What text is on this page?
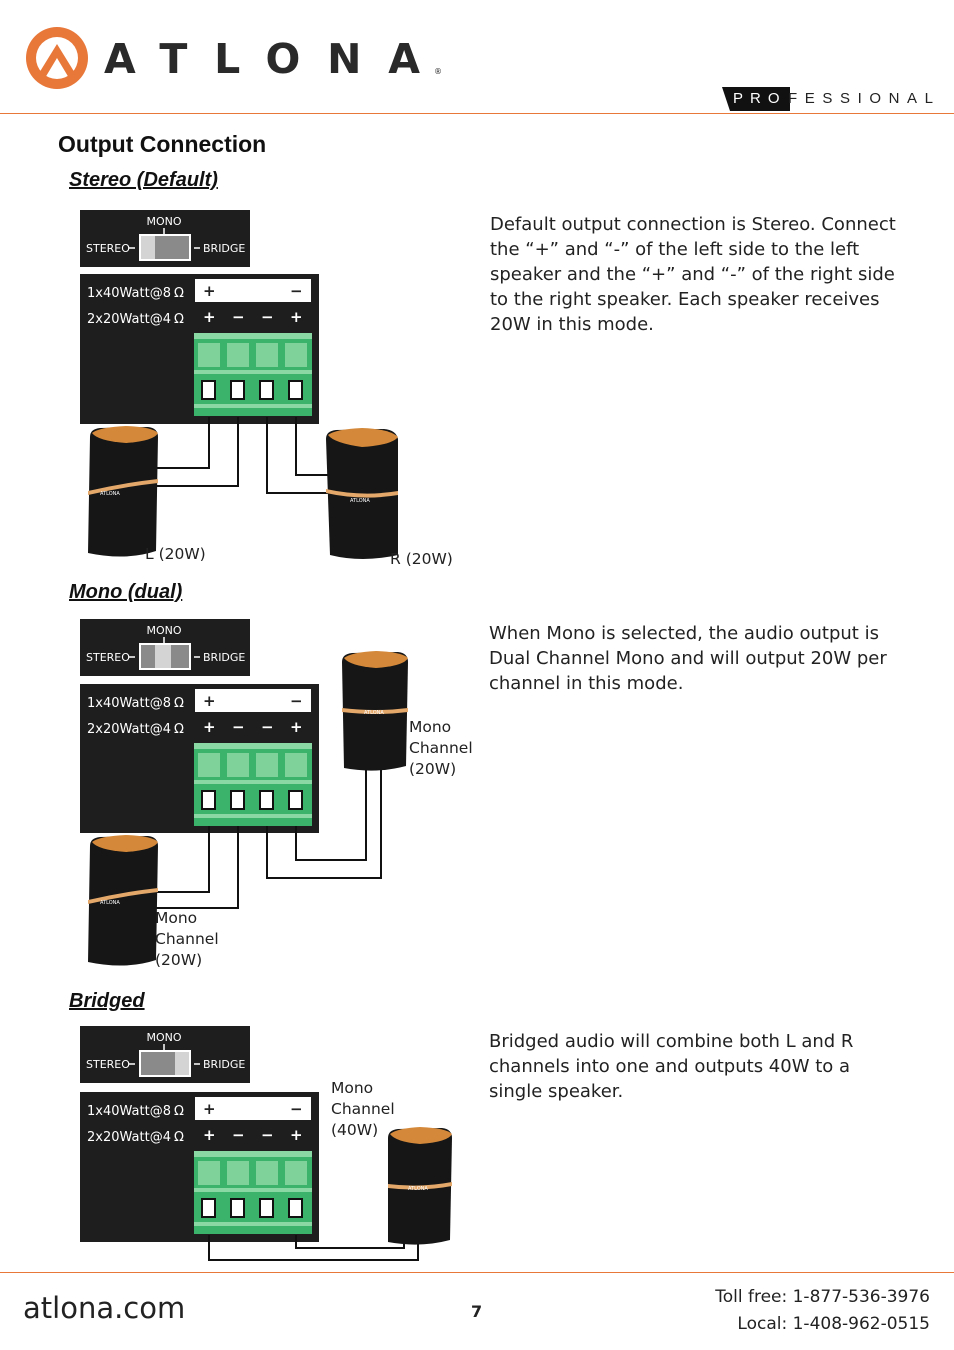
ATLONA ®
PRO FESSIONAL
Output Connection
Stereo (Default)
Default output connection is Stereo. Connect the “+” and “-” of the left side to the left speaker and the “+” and “-” of the right side to the right speaker. Each speaker receives 20W in this mode.
MONO
STEREO	BRIDGE
1x40Watt@8 Ω
2x20Watt@4 Ω
+	−
+ − − +
ATLONA
ATLONA
L (20W)	R (20W)
Mono (dual)
When Mono is selected, the audio output is Dual Channel Mono and will output 20W per channel in this mode.
MONO
STEREO	BRIDGE
1x40Watt@8 Ω
2x20Watt@4 Ω
+	−
+ − − +
ATLONA
ATLONA
Mono
Channel
(20W)
Mono
Channel
(20W)
Bridged
Bridged audio will combine both L and R channels into one and outputs 40W to a single speaker.
MONO
STEREO	BRIDGE
1x40Watt@8 Ω
2x20Watt@4 Ω
+	−
+ − − +
ATLONA
Mono
Channel
(40W)
atlona.com	7
Toll free: 1-877-536-3976
Local: 1-408-962-0515
